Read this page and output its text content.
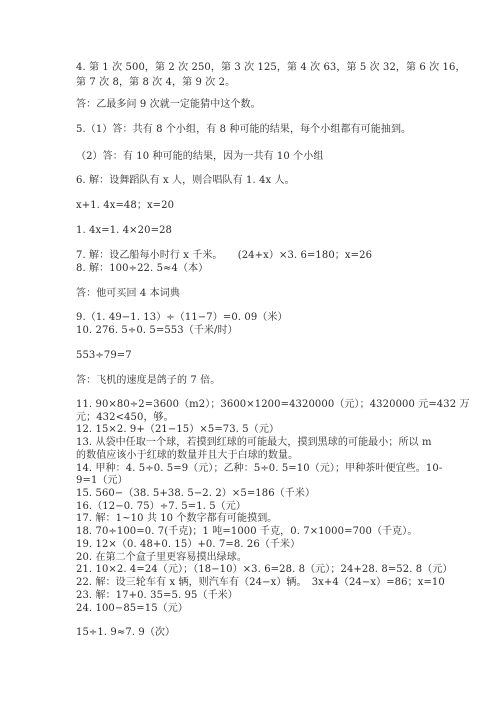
4. 第 1 次 500，第 2 次 250，第 3 次 125，第 4 次 63，第 5 次 32，第 6 次 16，
第 7 次 8，第 8 次 4，第 9 次 2。
答：乙最多问 9 次就一定能猜中这个数。
5.（1）答：共有 8 个小组，有 8 种可能的结果，每个小组都有可能抽到。
（2）答：有 10 种可能的结果，因为一共有 10 个小组
6. 解：设舞蹈队有 x 人，则合唱队有 1. 4x 人。
x+1. 4x=48；x=20
1. 4x=1. 4×20=28
7. 解：设乙船每小时行 x 千米。　　(24+x）×3. 6=180；x=26
8. 解：100÷22. 5≈4（本）
答：他可买回 4 本词典
9.（1. 49−1. 13）÷（11−7）=0. 09（米）
10. 276. 5÷0. 5=553（千米/时）
553÷79=7
答：飞机的速度是鸽子的 7 倍。
11. 90×80÷2=3600（m2）；3600×1200=4320000（元）；4320000 元=432 万
元；432<450，够。
12. 15×2. 9+（21−15）×5=73. 5（元）
13. 从袋中任取一个球，若摸到红球的可能最大，摸到黑球的可能最小；所以 m
的数值应该小于红球的数量并且大于白球的数量。
14. 甲种：4. 5÷0. 5=9（元）；乙种：5÷0. 5=10（元）；甲种茶叶便宜些。10-
9=1（元）
15. 560−（38. 5+38. 5−2. 2）×5=186（千米）
16.（12−0. 75）÷7. 5=1. 5（元）
17. 解：1~10 共 10 个数字都有可能摸到。
18. 70÷100=0. 7(千克)；1 吨=1000 千克，0. 7×1000=700（千克）。
19. 12×（0. 48+0. 15）+0. 7=8. 26（千米）
20. 在第二个盒子里更容易摸出绿球。
21. 10×2. 4=24（元）；（18−10）×3. 6=28. 8（元）；24+28. 8=52. 8（元）
22. 解：设三轮车有 x 辆，则汽车有（24−x）辆。　3x+4（24−x）=86；x=10
23. 解：17+0. 35=5. 95（千米）
24. 100−85=15（元）
15÷1. 9≈7. 9（次）
